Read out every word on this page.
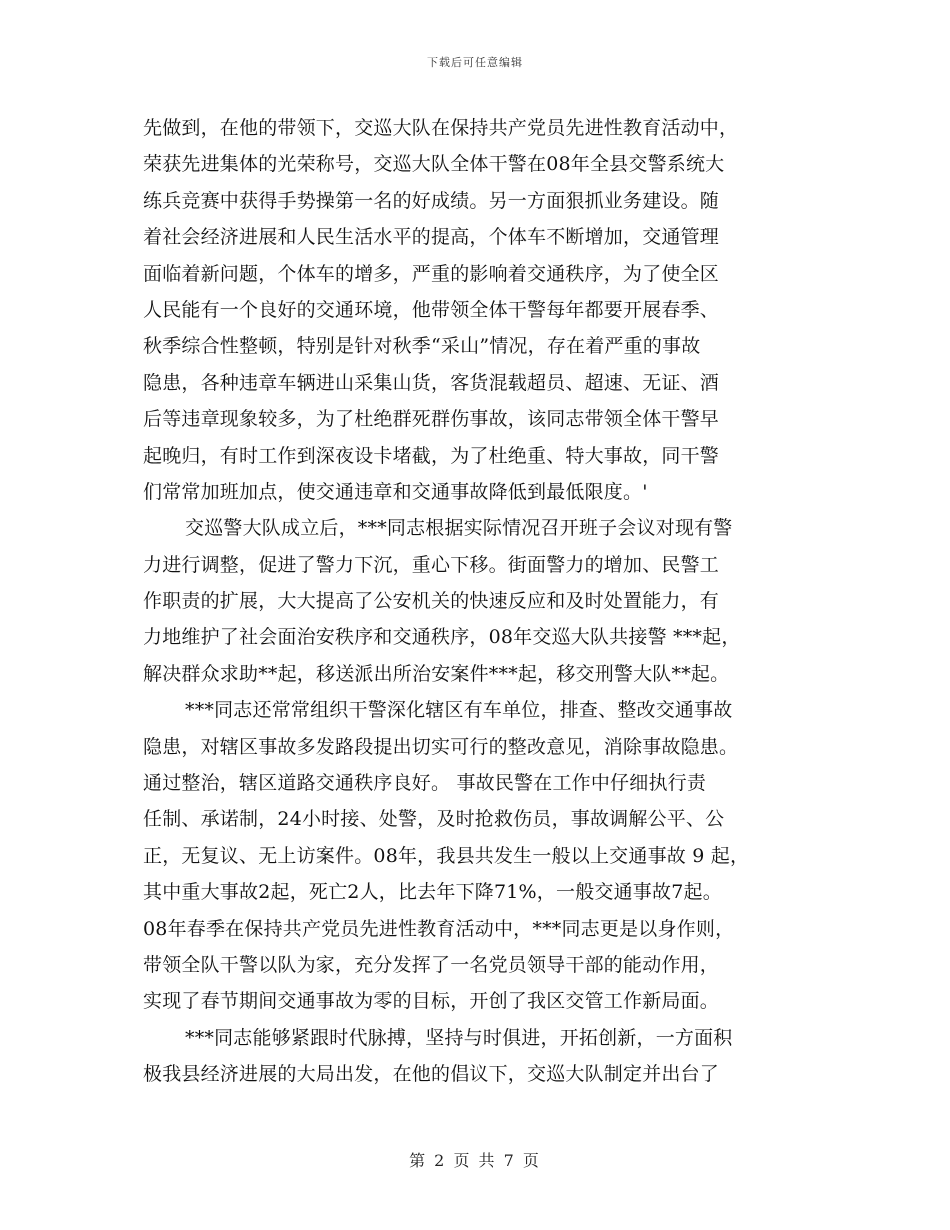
下载后可任意编辑
先做到，在他的带领下，交巡大队在保持共产党员先进性教育活动中，
荣获先进集体的光荣称号，交巡大队全体干警在08年全县交警系统大
练兵竞赛中获得手势操第一名的好成绩。另一方面狠抓业务建设。随
着社会经济进展和人民生活水平的提高，个体车不断增加，交通管理
面临着新问题，个体车的增多，严重的影响着交通秩序，为了使全区
人民能有一个良好的交通环境，他带领全体干警每年都要开展春季、
秋季综合性整顿，特别是针对秋季“采山”情况，存在着严重的事故
隐患，各种违章车辆进山采集山货，客货混载超员、超速、无证、酒
后等违章现象较多，为了杜绝群死群伤事故，该同志带领全体干警早
起晚归，有时工作到深夜设卡堵截，为了杜绝重、特大事故，同干警
们常常加班加点，使交通违章和交通事故降低到最低限度。'
交巡警大队成立后，***同志根据实际情况召开班子会议对现有警
力进行调整，促进了警力下沉，重心下移。街面警力的增加、民警工
作职责的扩展，大大提高了公安机关的快速反应和及时处置能力，有
力地维护了社会面治安秩序和交通秩序，08年交巡大队共接警 ***起，
解决群众求助**起，移送派出所治安案件***起，移交刑警大队**起。
***同志还常常组织干警深化辖区有车单位，排查、整改交通事故
隐患，对辖区事故多发路段提出切实可行的整改意见，消除事故隐患。
通过整治，辖区道路交通秩序良好。 事故民警在工作中仔细执行责
任制、承诺制，24小时接、处警，及时抢救伤员，事故调解公平、公
正，无复议、无上访案件。08年，我县共发生一般以上交通事故 9 起，
其中重大事故2起，死亡2人，比去年下降71%，一般交通事故7起。
08年春季在保持共产党员先进性教育活动中，***同志更是以身作则，
带领全队干警以队为家，充分发挥了一名党员领导干部的能动作用，
实现了春节期间交通事故为零的目标，开创了我区交管工作新局面。
***同志能够紧跟时代脉搏，坚持与时俱进，开拓创新，一方面积
极我县经济进展的大局出发，在他的倡议下，交巡大队制定并出台了
第 2 页 共 7 页
